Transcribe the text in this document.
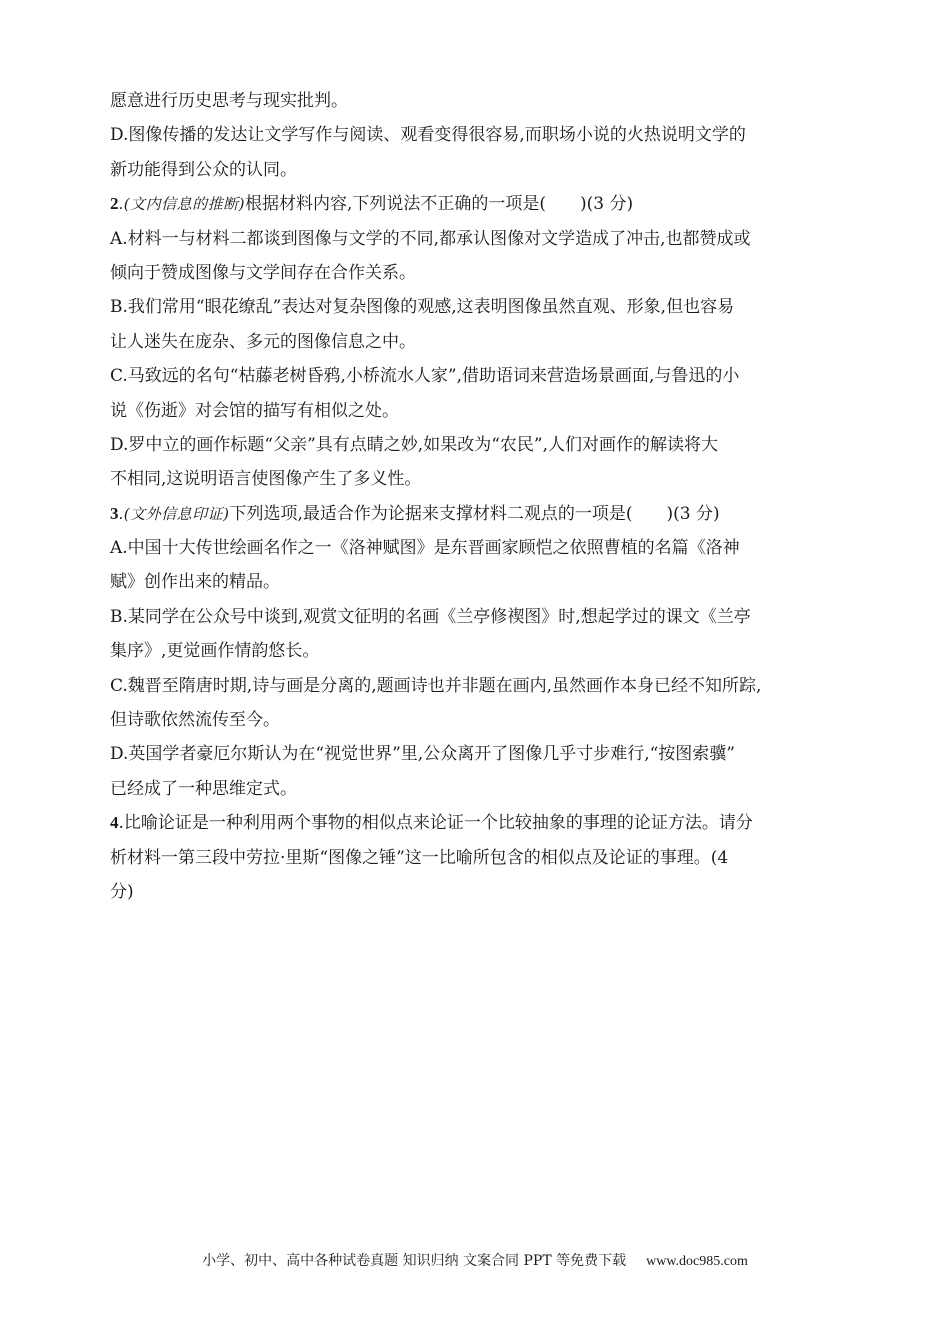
愿意进行历史思考与现实批判。
D.图像传播的发达让文学写作与阅读、观看变得很容易,而职场小说的火热说明文学的
新功能得到公众的认同。
2.(文内信息的推断)根据材料内容,下列说法不正确的一项是(　　)(3 分)
A.材料一与材料二都谈到图像与文学的不同,都承认图像对文学造成了冲击,也都赞成或
倾向于赞成图像与文学间存在合作关系。
B.我们常用“眼花缭乱”表达对复杂图像的观感,这表明图像虽然直观、形象,但也容易
让人迷失在庞杂、多元的图像信息之中。
C.马致远的名句“枯藤老树昏鸦,小桥流水人家”,借助语词来营造场景画面,与鲁迅的小
说《伤逝》对会馆的描写有相似之处。
D.罗中立的画作标题“父亲”具有点睛之妙,如果改为“农民”,人们对画作的解读将大
不相同,这说明语言使图像产生了多义性。
3.(文外信息印证)下列选项,最适合作为论据来支撑材料二观点的一项是(　　)(3 分)
A.中国十大传世绘画名作之一《洛神赋图》是东晋画家顾恺之依照曹植的名篇《洛神
赋》创作出来的精品。
B.某同学在公众号中谈到,观赏文征明的名画《兰亭修禊图》时,想起学过的课文《兰亭
集序》,更觉画作情韵悠长。
C.魏晋至隋唐时期,诗与画是分离的,题画诗也并非题在画内,虽然画作本身已经不知所踪,
但诗歌依然流传至今。
D.英国学者豪厄尔斯认为在“视觉世界”里,公众离开了图像几乎寸步难行,“按图索骥”
已经成了一种思维定式。
4.比喻论证是一种利用两个事物的相似点来论证一个比较抽象的事理的论证方法。请分
析材料一第三段中劳拉·里斯“图像之锤”这一比喻所包含的相似点及论证的事理。(4
分)
小学、初中、高中各种试卷真题 知识归纳 文案合同 PPT 等免费下载 www.doc985.com
